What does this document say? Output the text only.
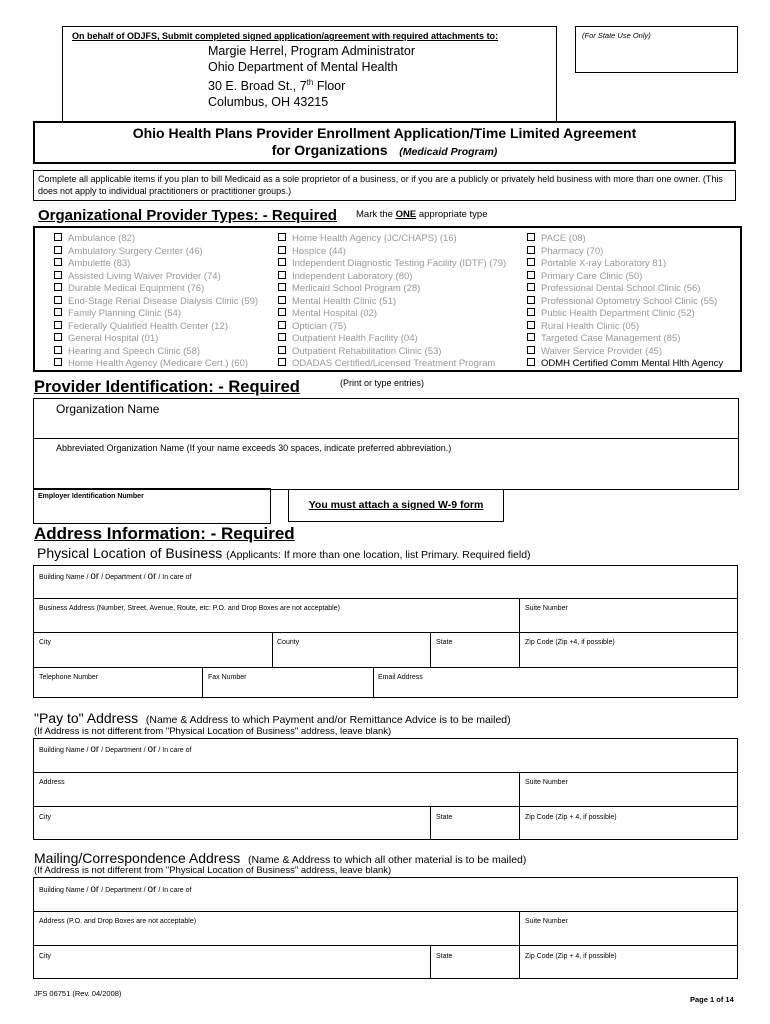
On behalf of ODJFS, Submit completed signed application/agreement with required attachments to:
Margie Herrel, Program Administrator
Ohio Department of Mental Health
30 E. Broad St., 7th Floor
Columbus, OH 43215
(For State Use Only)
Ohio Health Plans Provider Enrollment Application/Time Limited Agreement
for Organizations (Medicaid Program)
Complete all applicable items if you plan to bill Medicaid as a sole proprietor of a business, or if you are a publicly or privately held business with more than one owner. (This does not apply to individual practitioners or practitioner groups.)
Organizational Provider Types: - Required Mark the ONE appropriate type
Ambulance (82)
Ambulatory Surgery Center (46)
Ambulette (83)
Assisted Living Waiver Provider (74)
Durable Medical Equipment (76)
End-Stage Renal Disease Dialysis Clinic (59)
Family Planning Clinic (54)
Federally Qualified Health Center (12)
General Hospital (01)
Hearing and Speech Clinic (58)
Home Health Agency (Medicare Cert.) (60)
Home Health Agency (JC/CHAPS) (16)
Hospice (44)
Independent Diagnostic Testing Facility (IDTF) (79)
Independent Laboratory (80)
Medicaid School Program (28)
Mental Health Clinic (51)
Mental Hospital (02)
Optician (75)
Outpatient Health Facility (04)
Outpatient Rehabilitation Clinic (53)
ODADAS Certified/Licensed Treatment Program
PACE (08)
Pharmacy (70)
Portable X-ray Laboratory 81)
Primary Care Clinic (50)
Professional Dental School Clinic (56)
Professional Optometry School Clinic (55)
Public Health Department Clinic (52)
Rural Health Clinic (05)
Targeted Case Management (85)
Waiver Service Provider (45)
ODMH Certified Comm Mental Hlth Agency
Provider Identification: - Required	(Print or type entries)
Organization Name
Abbreviated Organization Name (If your name exceeds 30 spaces, indicate preferred abbreviation.)
Employer Identification Number
You must attach a signed W-9 form
Address Information: - Required
Physical Location of Business (Applicants: If more than one location, list Primary. Required field)
Building Name / or / Department / or / In care of
Business Address (Number, Street, Avenue, Route, etc: P.O. and Drop Boxes are not acceptable)	Suite Number
City	County	State	Zip Code (Zip +4, if possible)
Telephone Number	Fax Number	Email Address
"Pay to" Address (Name & Address to which Payment and/or Remittance Advice is to be mailed)
(If Address is not different from "Physical Location of Business" address, leave blank)
Building Name / or / Department / or / In care of
Address	Suite Number
City	State	Zip Code (Zip + 4, if possible)
Mailing/Correspondence Address (Name & Address to which all other material is to be mailed)
(If Address is not different from "Physical Location of Business" address, leave blank)
Building Name / or / Department / or / In care of
Address (P.O. and Drop Boxes are not acceptable)	Suite Number
City	State	Zip Code (Zip + 4, if possible)
JFS 06751 (Rev. 04/2008)
Page 1 of 14
